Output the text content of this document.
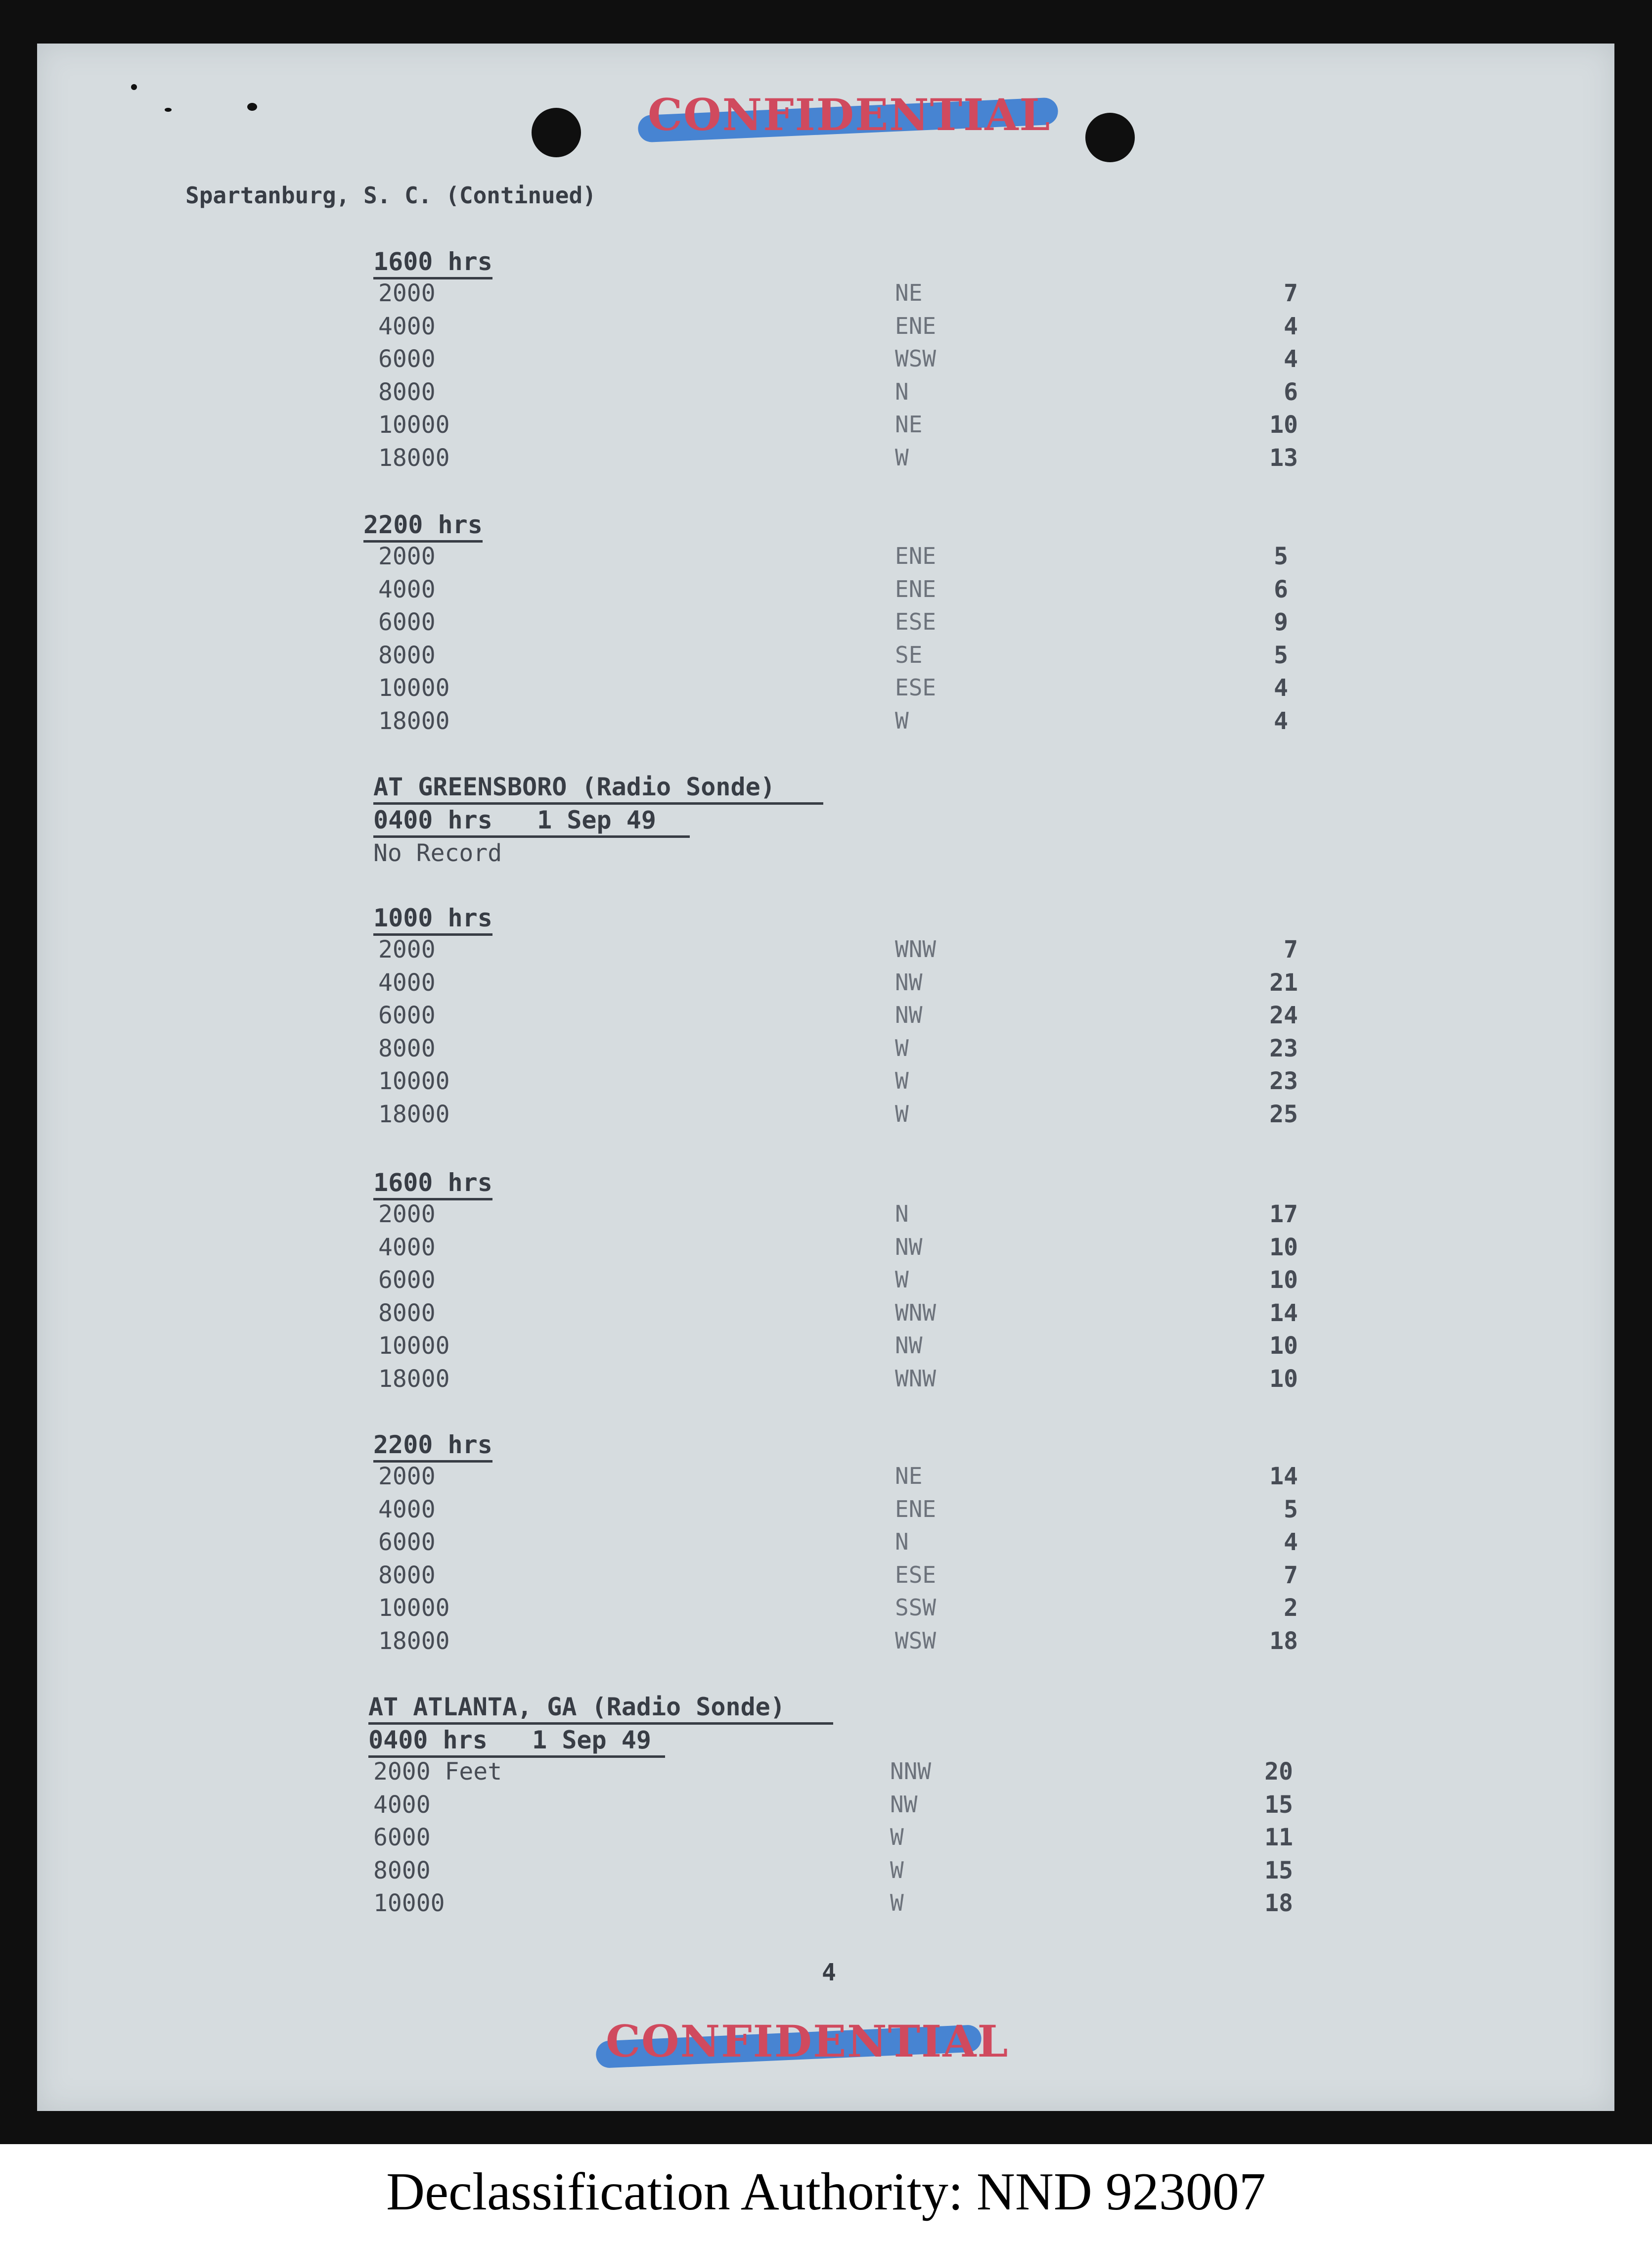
CONFIDENTIAL
Spartanburg, S. C. (Continued)
1600 hrs
2000	NE	7
4000	ENE	4
6000	WSW	4
8000	N	6
10000	NE	10
18000	W	13
2200 hrs
2000	ENE	5
4000	ENE	6
6000	ESE	9
8000	SE	5
10000	ESE	4
18000	W	4
AT GREENSBORO (Radio Sonde)
0400 hrs   1 Sep 49
No Record
1000 hrs
2000	WNW	7
4000	NW	21
6000	NW	24
8000	W	23
10000	W	23
18000	W	25
1600 hrs
2000	N	17
4000	NW	10
6000	W	10
8000	WNW	14
10000	NW	10
18000	WNW	10
2200 hrs
2000	NE	14
4000	ENE	5
6000	N	4
8000	ESE	7
10000	SSW	2
18000	WSW	18
AT ATLANTA, GA (Radio Sonde)
0400 hrs   1 Sep 49
2000 Feet	NNW	20
4000	NW	15
6000	W	11
8000	W	15
10000	W	18
4
CONFIDENTIAL
Declassification Authority: NND 923007
